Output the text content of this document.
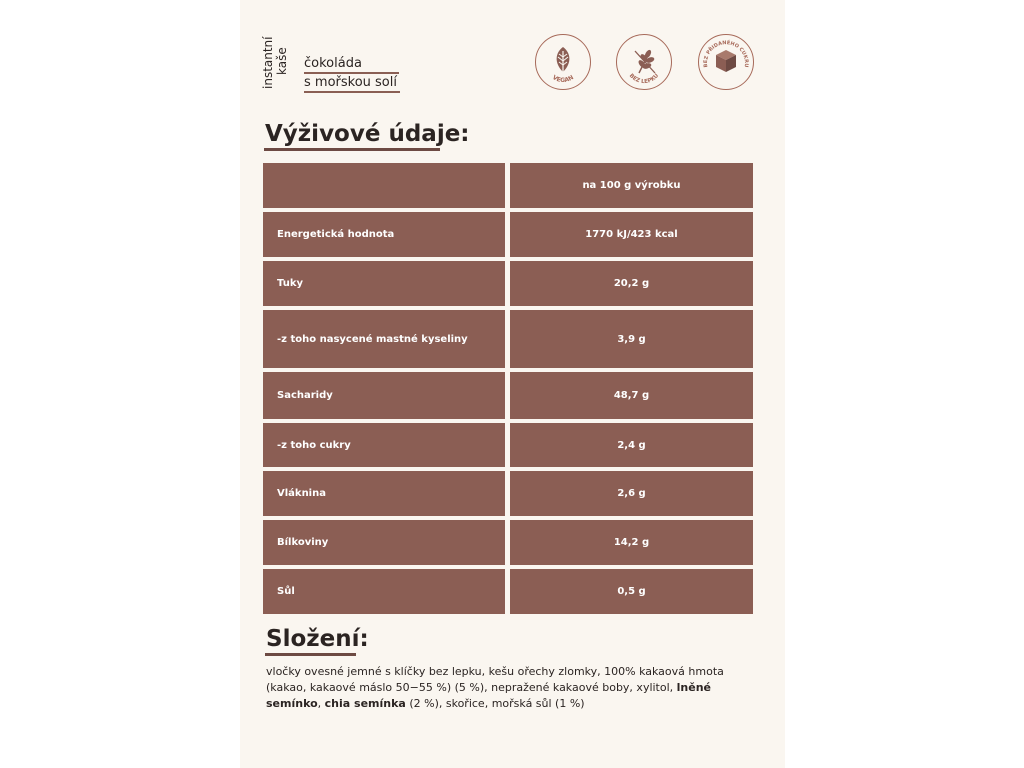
instantní kaše čokoláda
s mořskou solí	VEGAN	BEZ LEPKU
BEZ PŘIDANÉHO CUKRU
Výživové údaje:
na 100 g výrobku
Energetická hodnota	1770 kJ/423 kcal
Tuky	20,2 g
-z toho nasycené mastné kyseliny	3,9 g
Sacharidy	48,7 g
-z toho cukry	2,4 g
Vláknina	2,6 g
Bílkoviny	14,2 g
Sůl	0,5 g
Složení:
vločky ovesné jemné s klíčky bez lepku, kešu ořechy zlomky, 100% kakaová hmota (kakao, kakaové máslo 50−55 %) (5 %), nepražené kakaové boby, xylitol, lněné semínko, chia semínka (2 %), skořice, mořská sůl (1 %)
